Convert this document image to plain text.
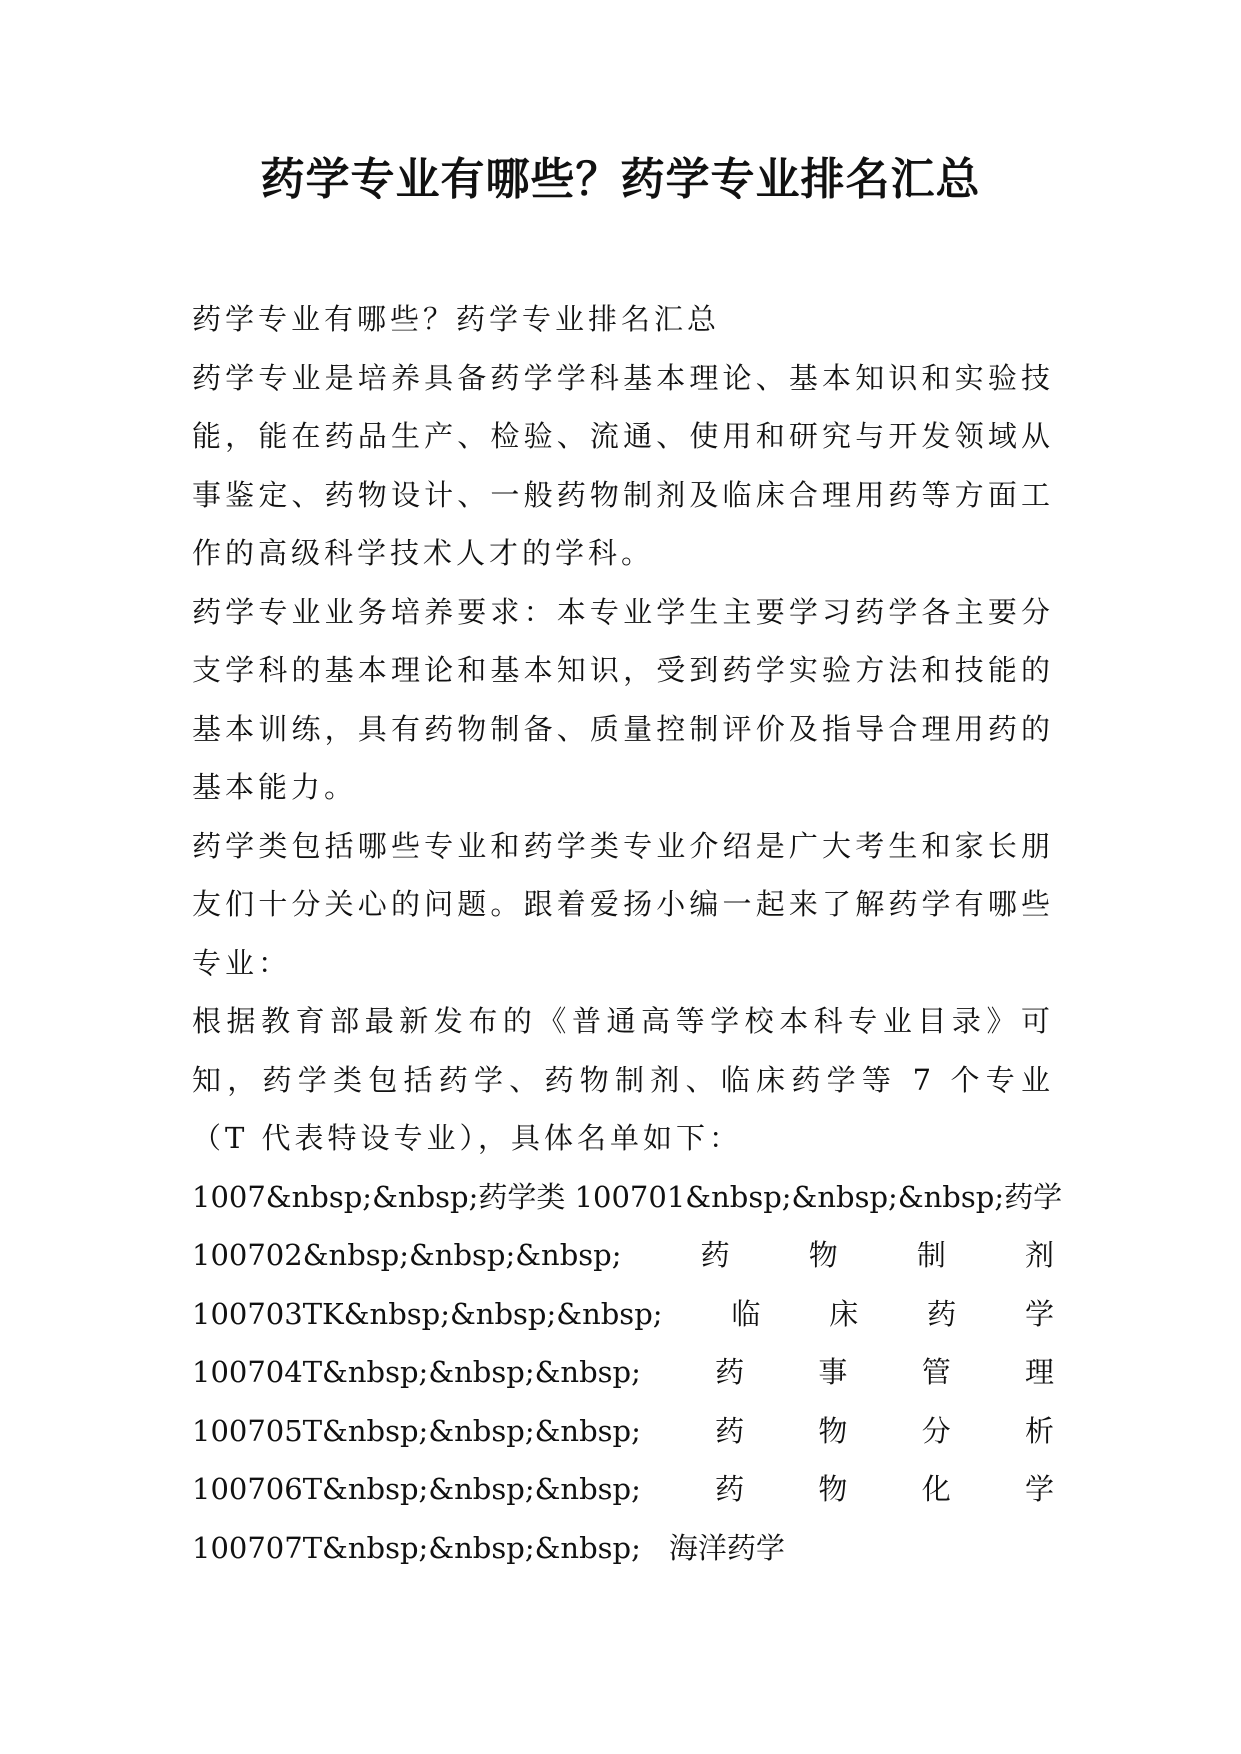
药学专业有哪些？药学专业排名汇总

药学专业有哪些？药学专业排名汇总

药学专业是培养具备药学学科基本理论、基本知识和实验技能，能在药品生产、检验、流通、使用和研究与开发领域从事鉴定、药物设计、一般药物制剂及临床合理用药等方面工作的高级科学技术人才的学科。

药学专业业务培养要求：本专业学生主要学习药学各主要分支学科的基本理论和基本知识，受到药学实验方法和技能的基本训练，具有药物制备、质量控制评价及指导合理用药的基本能力。

药学类包括哪些专业和药学类专业介绍是广大考生和家长朋友们十分关心的问题。跟着爱扬小编一起来了解药学有哪些专业：

根据教育部最新发布的《普通高等学校本科专业目录》可知，药学类包括药学、药物制剂、临床药学等 7 个专业（T 代表特设专业），具体名单如下：

1007&nbsp;&nbsp;药学类 100701&nbsp;&nbsp;&nbsp; 药学
100702&nbsp;&nbsp;&nbsp;	药	物	制	剂
100703TK&nbsp;&nbsp;&nbsp; 临 床 药 学
100704T&nbsp;&nbsp;&nbsp;	药	事	管	理
100705T&nbsp;&nbsp;&nbsp;	药	物	分	析
100706T&nbsp;&nbsp;&nbsp;	药	物	化	学
100707T&nbsp;&nbsp;&nbsp; 海洋药学
